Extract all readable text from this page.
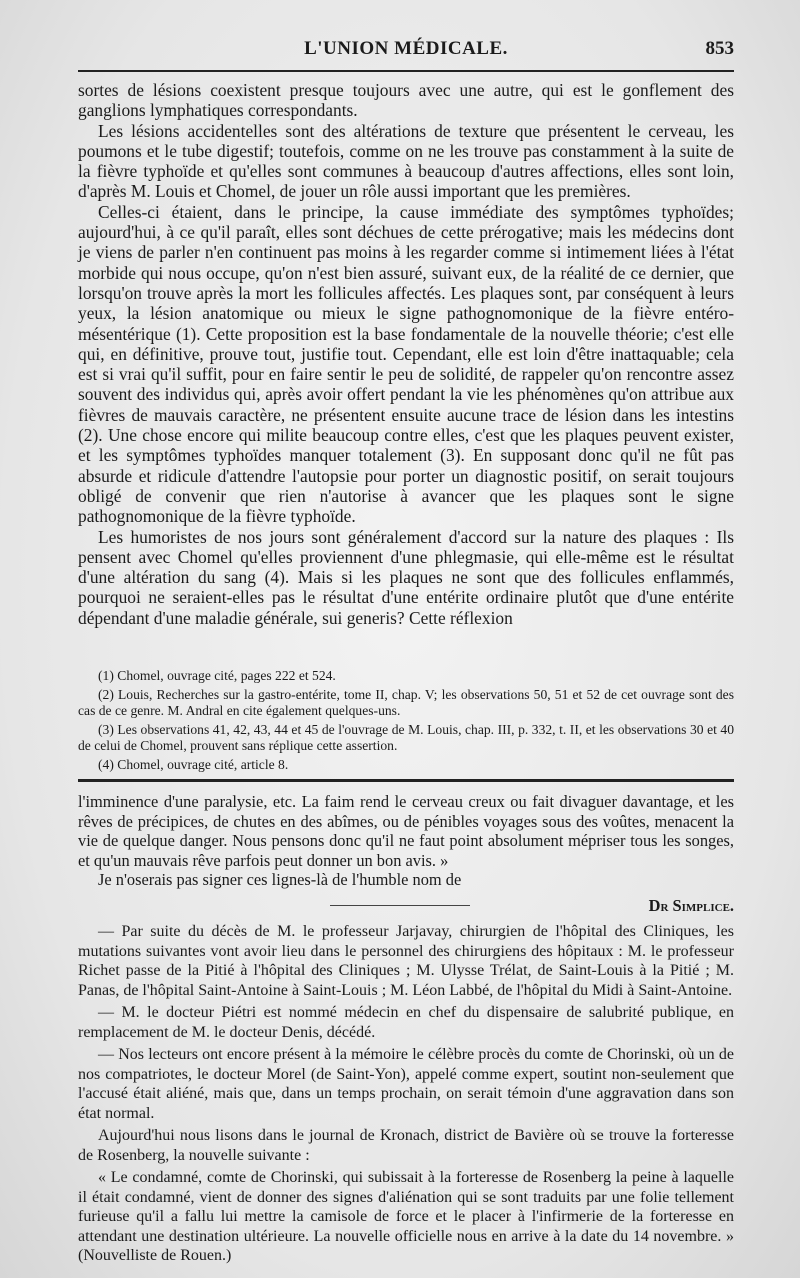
L'UNION MÉDICALE.	853

sortes de lésions coexistent presque toujours avec une autre, qui est le gonflement des ganglions lymphatiques correspondants.

Les lésions accidentelles sont des altérations de texture que présentent le cerveau, les poumons et le tube digestif; toutefois, comme on ne les trouve pas constamment à la suite de la fièvre typhoïde et qu'elles sont communes à beaucoup d'autres affections, elles sont loin, d'après M. Louis et Chomel, de jouer un rôle aussi important que les premières.

Celles-ci étaient, dans le principe, la cause immédiate des symptômes typhoïdes; aujourd'hui, à ce qu'il paraît, elles sont déchues de cette prérogative; mais les médecins dont je viens de parler n'en continuent pas moins à les regarder comme si intimement liées à l'état morbide qui nous occupe, qu'on n'est bien assuré, suivant eux, de la réalité de ce dernier, que lorsqu'on trouve après la mort les follicules affectés. Les plaques sont, par conséquent à leurs yeux, la lésion anatomique ou mieux le signe pathognomonique de la fièvre entéro-mésentérique (1). Cette proposition est la base fondamentale de la nouvelle théorie; c'est elle qui, en définitive, prouve tout, justifie tout. Cependant, elle est loin d'être inattaquable; cela est si vrai qu'il suffit, pour en faire sentir le peu de solidité, de rappeler qu'on rencontre assez souvent des individus qui, après avoir offert pendant la vie les phénomènes qu'on attribue aux fièvres de mauvais caractère, ne présentent ensuite aucune trace de lésion dans les intestins (2). Une chose encore qui milite beaucoup contre elles, c'est que les plaques peuvent exister, et les symptômes typhoïdes manquer totalement (3). En supposant donc qu'il ne fût pas absurde et ridicule d'attendre l'autopsie pour porter un diagnostic positif, on serait toujours obligé de convenir que rien n'autorise à avancer que les plaques sont le signe pathognomonique de la fièvre typhoïde.

Les humoristes de nos jours sont généralement d'accord sur la nature des plaques : Ils pensent avec Chomel qu'elles proviennent d'une phlegmasie, qui elle-même est le résultat d'une altération du sang (4). Mais si les plaques ne sont que des follicules enflammés, pourquoi ne seraient-elles pas le résultat d'une entérite ordinaire plutôt que d'une entérite dépendant d'une maladie générale, sui generis? Cette réflexion

(1) Chomel, ouvrage cité, pages 222 et 524.

(2) Louis, Recherches sur la gastro-entérite, tome II, chap. V; les observations 50, 51 et 52 de cet ouvrage sont des cas de ce genre. M. Andral en cite également quelques-uns.

(3) Les observations 41, 42, 43, 44 et 45 de l'ouvrage de M. Louis, chap. III, p. 332, t. II, et les observations 30 et 40 de celui de Chomel, prouvent sans réplique cette assertion.

(4) Chomel, ouvrage cité, article 8.

l'imminence d'une paralysie, etc. La faim rend le cerveau creux ou fait divaguer davantage, et les rêves de précipices, de chutes en des abîmes, ou de pénibles voyages sous des voûtes, menacent la vie de quelque danger. Nous pensons donc qu'il ne faut point absolument mépriser tous les songes, et qu'un mauvais rêve parfois peut donner un bon avis. »

Je n'oserais pas signer ces lignes-là de l'humble nom de

Dr Simplice.

— Par suite du décès de M. le professeur Jarjavay, chirurgien de l'hôpital des Cliniques, les mutations suivantes vont avoir lieu dans le personnel des chirurgiens des hôpitaux : M. le professeur Richet passe de la Pitié à l'hôpital des Cliniques ; M. Ulysse Trélat, de Saint-Louis à la Pitié ; M. Panas, de l'hôpital Saint-Antoine à Saint-Louis ; M. Léon Labbé, de l'hôpital du Midi à Saint-Antoine.

— M. le docteur Piétri est nommé médecin en chef du dispensaire de salubrité publique, en remplacement de M. le docteur Denis, décédé.

— Nos lecteurs ont encore présent à la mémoire le célèbre procès du comte de Chorinski, où un de nos compatriotes, le docteur Morel (de Saint-Yon), appelé comme expert, soutint non-seulement que l'accusé était aliéné, mais que, dans un temps prochain, on serait témoin d'une aggravation dans son état normal.

Aujourd'hui nous lisons dans le journal de Kronach, district de Bavière où se trouve la forteresse de Rosenberg, la nouvelle suivante :

« Le condamné, comte de Chorinski, qui subissait à la forteresse de Rosenberg la peine à laquelle il était condamné, vient de donner des signes d'aliénation qui se sont traduits par une folie tellement furieuse qu'il a fallu lui mettre la camisole de force et le placer à l'infirmerie de la forteresse en attendant une destination ultérieure. La nouvelle officielle nous en arrive à la date du 14 novembre. » (Nouvelliste de Rouen.)
